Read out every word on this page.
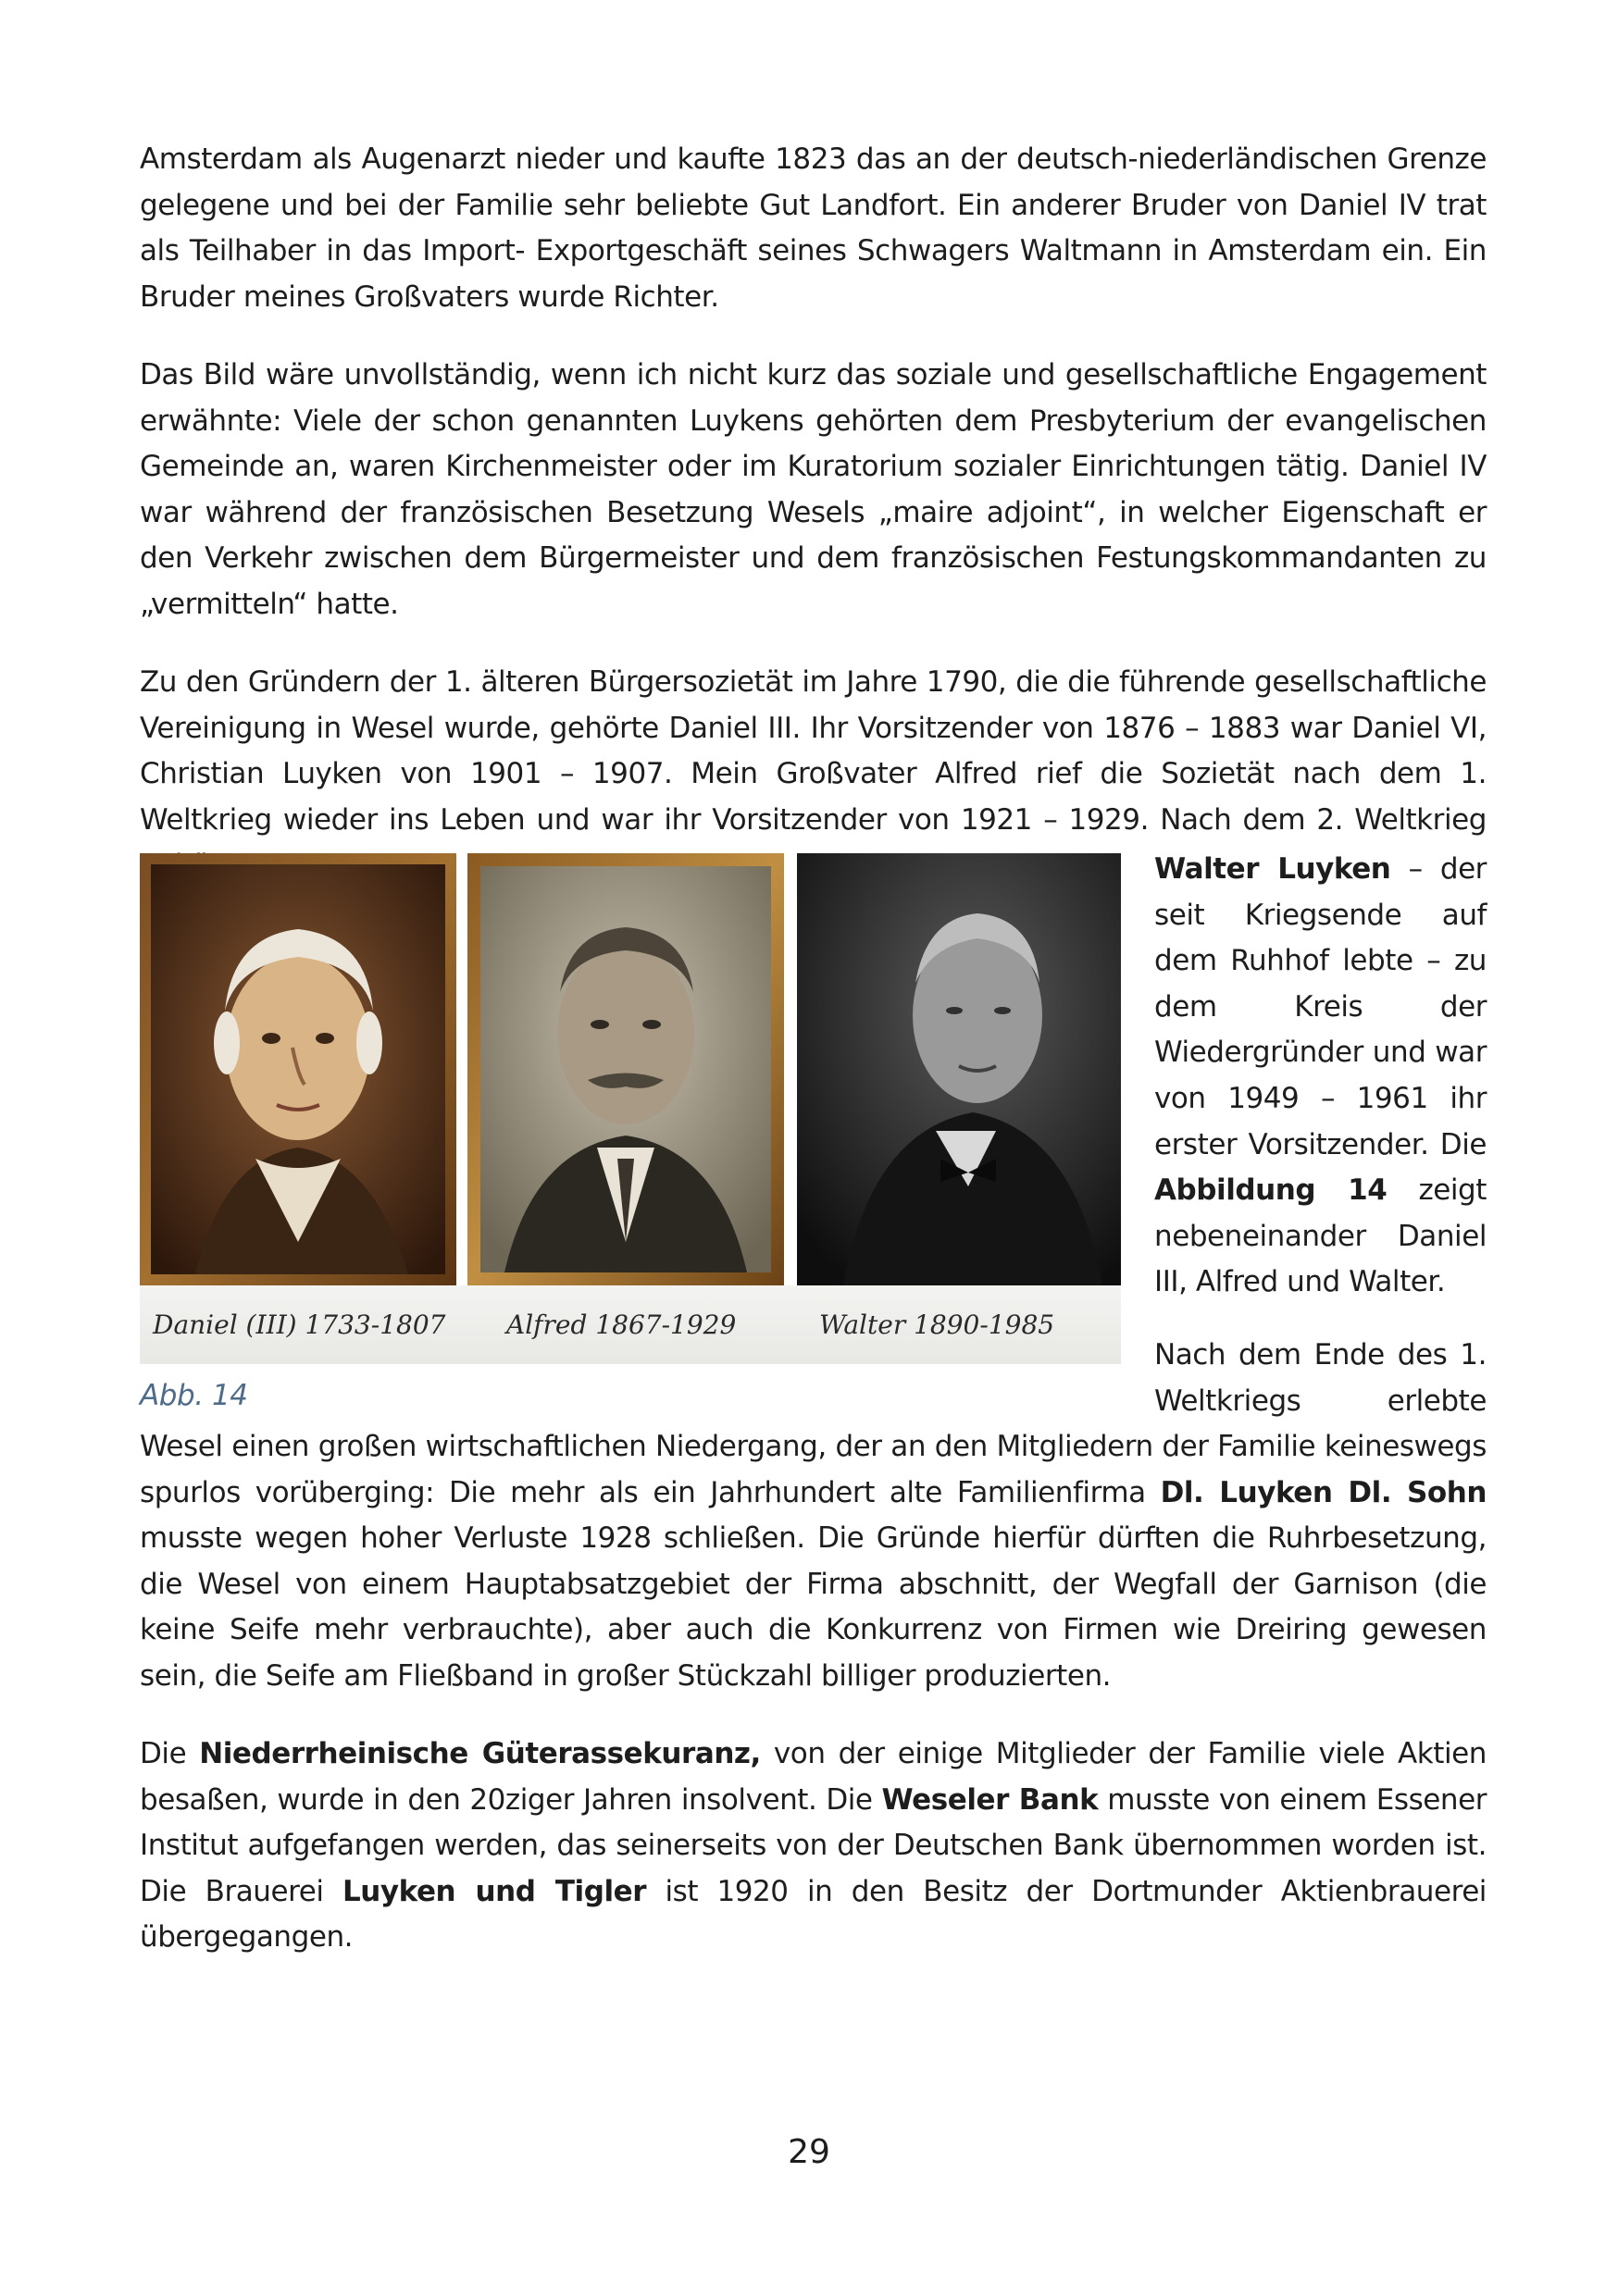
Amsterdam als Augenarzt nieder und kaufte 1823 das an der deutsch-niederländischen Grenze gelegene und bei der Familie sehr beliebte Gut Landfort. Ein anderer Bruder von Daniel IV trat als Teilhaber in das Import- Exportgeschäft seines Schwagers Waltmann in Amsterdam ein. Ein Bruder meines Großvaters wurde Richter.

Das Bild wäre unvollständig, wenn ich nicht kurz das soziale und gesellschaftliche Engagement erwähnte: Viele der schon genannten Luykens gehörten dem Presbyterium der evangelischen Gemeinde an, waren Kirchenmeister oder im Kuratorium sozialer Einrichtungen tätig. Daniel IV war während der französischen Besetzung Wesels „maire adjoint“, in welcher Eigenschaft er den Verkehr zwischen dem Bürgermeister und dem französischen Festungskommandanten zu „vermitteln“ hatte.

Zu den Gründern der 1. älteren Bürgersozietät im Jahre 1790, die die führende gesellschaftliche Vereinigung in Wesel wurde, gehörte Daniel III. Ihr Vorsitzender von 1876 – 1883 war Daniel VI, Christian Luyken von 1901 – 1907. Mein Großvater Alfred rief die Sozietät nach dem 1. Weltkrieg wieder ins Leben und war ihr Vorsitzender von 1921 – 1929. Nach dem 2. Weltkrieg

Daniel (III) 1733-1807 Alfred 1867-1929	Walter 1890-1985

Walter Luyken – der seit Kriegsende auf dem Ruhhof lebte – zu dem Kreis der Wiedergründer und war von 1949 – 1961 ihr erster Vorsitzender. Die Abbildung 14 zeigt nebeneinander Daniel III, Alfred und Walter.

Nach dem Ende des 1. Weltkriegs erlebte

Abb. 14

Wesel einen großen wirtschaftlichen Niedergang, der an den Mitgliedern der Familie keineswegs spurlos vorüberging: Die mehr als ein Jahrhundert alte Familienfirma Dl. Luyken Dl. Sohn musste wegen hoher Verluste 1928 schließen. Die Gründe hierfür dürften die Ruhrbesetzung, die Wesel von einem Hauptabsatzgebiet der Firma abschnitt, der Wegfall der Garnison (die keine Seife mehr verbrauchte), aber auch die Konkurrenz von Firmen wie Dreiring gewesen sein, die Seife am Fließband in großer Stückzahl billiger produzierten.

Die Niederrheinische Güterassekuranz, von der einige Mitglieder der Familie viele Aktien besaßen, wurde in den 20ziger Jahren insolvent. Die Weseler Bank musste von einem Essener Institut aufgefangen werden, das seinerseits von der Deutschen Bank übernommen worden ist. Die Brauerei Luyken und Tigler ist 1920 in den Besitz der Dortmunder Aktienbrauerei übergegangen.

29
